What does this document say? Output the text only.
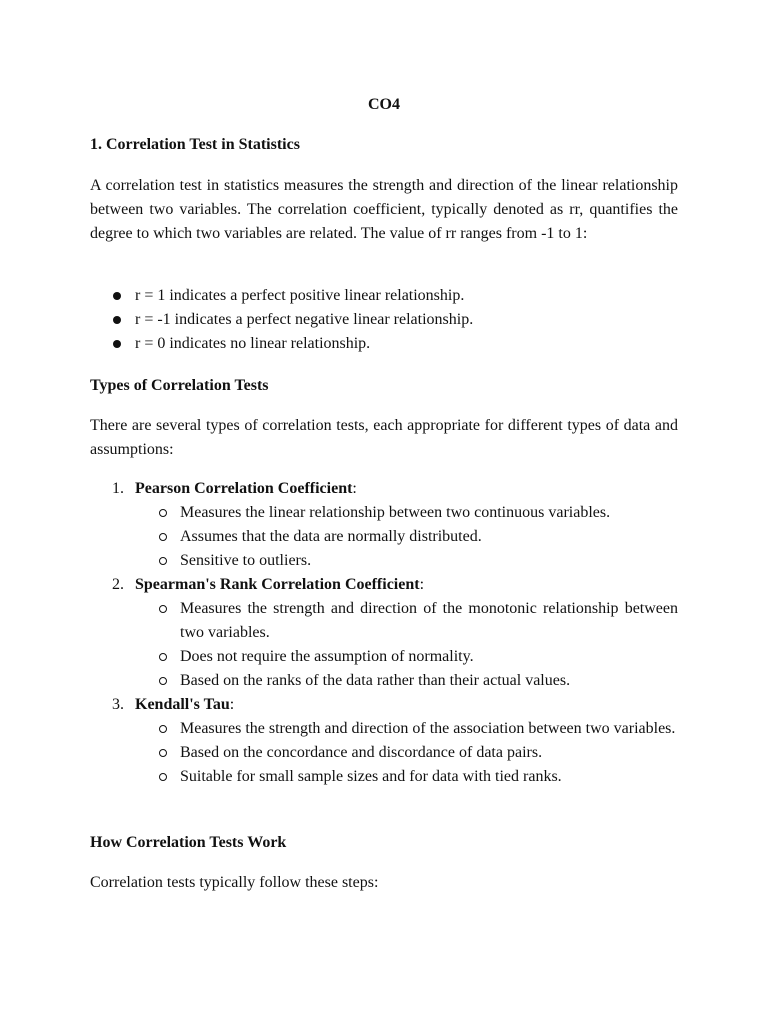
CO4

1. Correlation Test in Statistics

A correlation test in statistics measures the strength and direction of the linear relationship between two variables. The correlation coefficient, typically denoted as rr, quantifies the degree to which two variables are related. The value of rr ranges from -1 to 1:

r = 1 indicates a perfect positive linear relationship.
r = -1 indicates a perfect negative linear relationship.
r = 0 indicates no linear relationship.

Types of Correlation Tests

There are several types of correlation tests, each appropriate for different types of data and assumptions:

1. Pearson Correlation Coefficient:
Measures the linear relationship between two continuous variables.
Assumes that the data are normally distributed.
Sensitive to outliers.
2. Spearman's Rank Correlation Coefficient:
Measures the strength and direction of the monotonic relationship between two variables.
Does not require the assumption of normality.
Based on the ranks of the data rather than their actual values.
3. Kendall's Tau:
Measures the strength and direction of the association between two variables.
Based on the concordance and discordance of data pairs.
Suitable for small sample sizes and for data with tied ranks.

How Correlation Tests Work

Correlation tests typically follow these steps:
